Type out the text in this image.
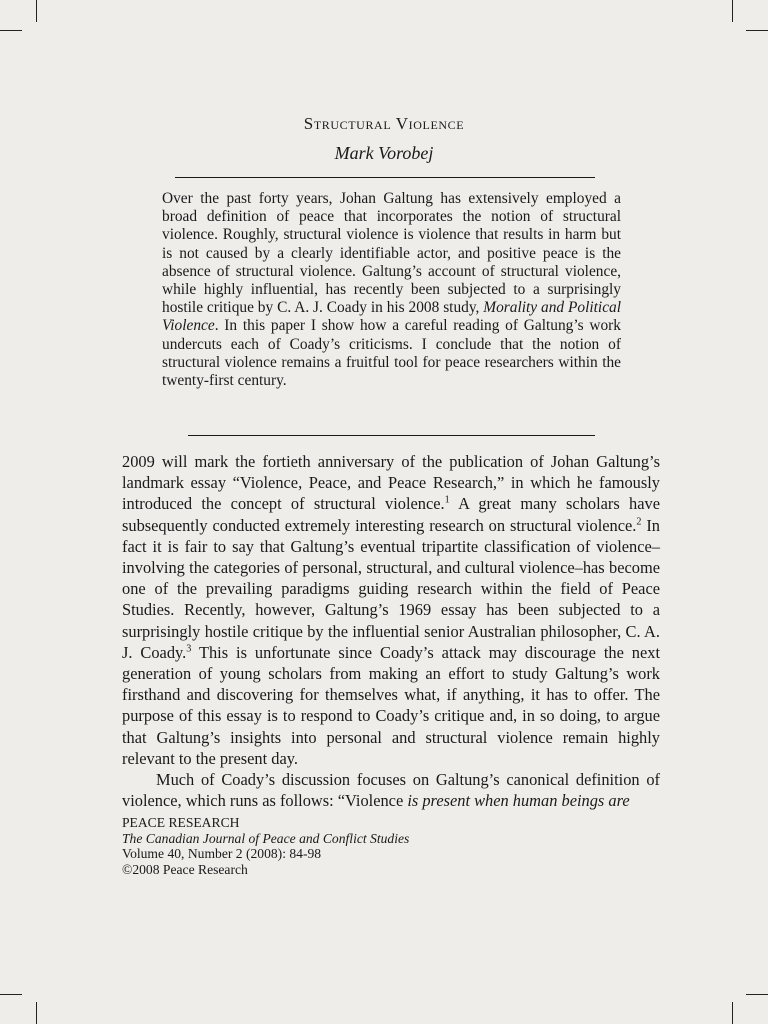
Structural Violence
Mark Vorobej

Over the past forty years, Johan Galtung has extensively employed a broad definition of peace that incorporates the notion of structural violence. Roughly, structural violence is violence that results in harm but is not caused by a clearly identifiable actor, and positive peace is the absence of structural violence. Galtung’s account of structural violence, while highly influential, has recently been subjected to a surprisingly hostile critique by C. A. J. Coady in his 2008 study, Morality and Political Violence. In this paper I show how a careful reading of Galtung’s work undercuts each of Coady’s criticisms. I conclude that the notion of structural violence remains a fruitful tool for peace researchers within the twenty-first century.

2009 will mark the fortieth anniversary of the publication of Johan Galtung’s landmark essay “Violence, Peace, and Peace Research,” in which he famously introduced the concept of structural violence.$^1$ A great many scholars have subsequently conducted extremely interesting research on structural violence.$^2$ In fact it is fair to say that Galtung’s eventual tripartite classification of violence–involving the categories of personal, structural, and cultural violence–has become one of the prevailing paradigms guiding research within the field of Peace Studies. Recently, however, Galtung’s 1969 essay has been subjected to a surprisingly hostile critique by the influential senior Australian philosopher, C. A. J. Coady.$^3$ This is unfortunate since Coady’s attack may discourage the next generation of young scholars from making an effort to study Galtung’s work firsthand and discovering for themselves what, if anything, it has to offer. The purpose of this essay is to respond to Coady’s critique and, in so doing, to argue that Galtung’s insights into personal and structural violence remain highly relevant to the present day.

Much of Coady’s discussion focuses on Galtung’s canonical definition of violence, which runs as follows: “Violence is present when human beings are

PEACE RESEARCH
The Canadian Journal of Peace and Conflict Studies
Volume 40, Number 2 (2008): 84-98
©2008 Peace Research
